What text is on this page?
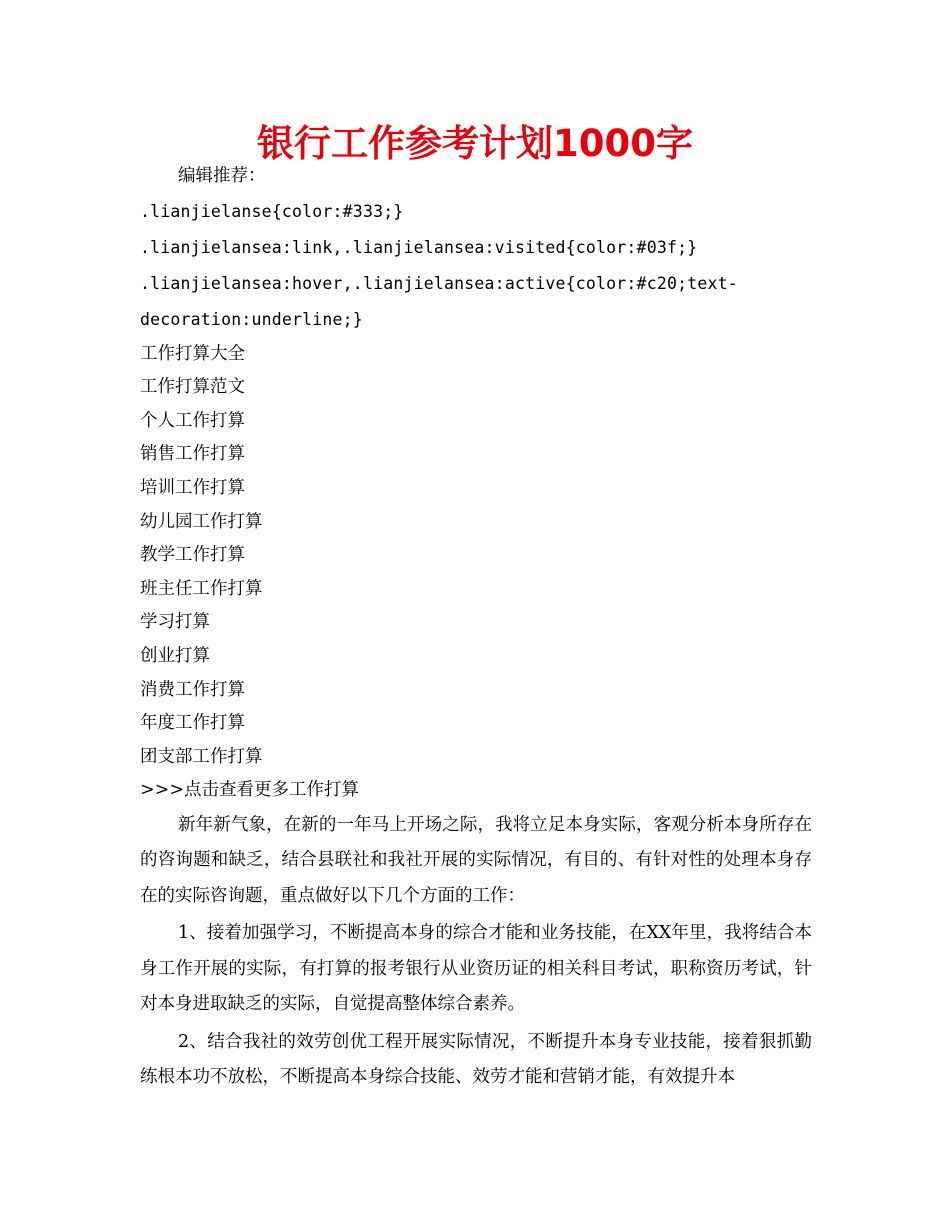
银行工作参考计划1000字

编辑推荐：

.lianjielanse{color:#333;}

.lianjielansea:link,.lianjielansea:visited{color:#03f;}

.lianjielansea:hover,.lianjielansea:active{color:#c20;text-

decoration:underline;}

工作打算大全

工作打算范文

个人工作打算

销售工作打算

培训工作打算

幼儿园工作打算

教学工作打算

班主任工作打算

学习打算

创业打算

消费工作打算

年度工作打算

团支部工作打算

>>>点击查看更多工作打算

新年新气象，在新的一年马上开场之际，我将立足本身实际，客观分析本身所存在的咨询题和缺乏，结合县联社和我社开展的实际情况，有目的、有针对性的处理本身存在的实际咨询题，重点做好以下几个方面的工作：

1、接着加强学习，不断提高本身的综合才能和业务技能，在XX年里，我将结合本身工作开展的实际，有打算的报考银行从业资历证的相关科目考试，职称资历考试，针对本身进取缺乏的实际，自觉提高整体综合素养。

2、结合我社的效劳创优工程开展实际情况，不断提升本身专业技能，接着狠抓勤练根本功不放松，不断提高本身综合技能、效劳才能和营销才能，有效提升本
